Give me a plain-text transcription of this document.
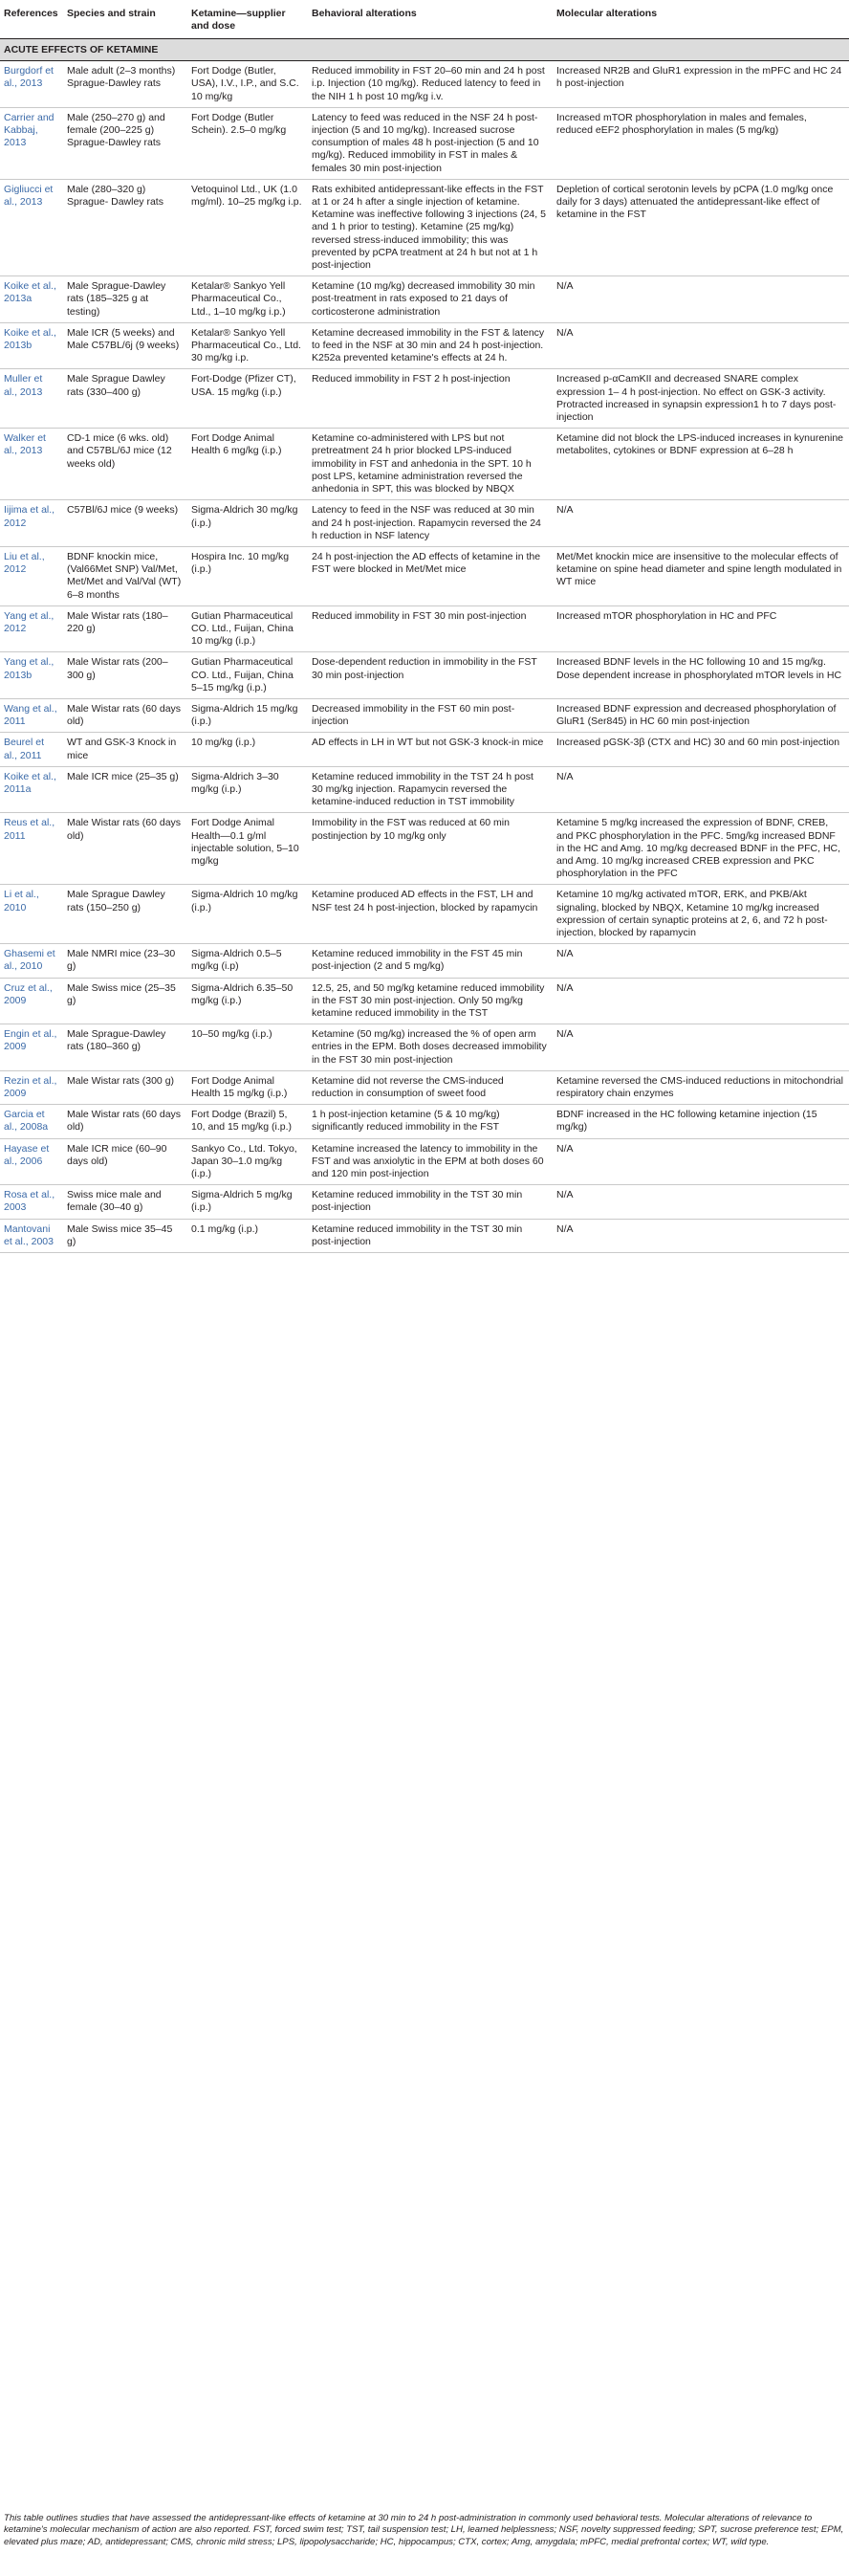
References	Species and strain	Ketamine—supplier and dose	Behavioral alterations	Molecular alterations
ACUTE EFFECTS OF KETAMINE				
Burgdorf et al., 2013	Male adult (2–3 months) Sprague-Dawley rats	Fort Dodge (Butler, USA), I.V., I.P., and S.C. 10 mg/kg	Reduced immobility in FST 20–60 min and 24 h post i.p. Injection (10 mg/kg). Reduced latency to feed in the NIH 1 h post 10 mg/kg i.v.	Increased NR2B and GluR1 expression in the mPFC and HC 24 h post-injection
Carrier and Kabbaj, 2013	Male (250–270 g) and female (200–225 g) Sprague-Dawley rats	Fort Dodge (Butler Schein). 2.5–0 mg/kg	Latency to feed was reduced in the NSF 24 h post-injection (5 and 10 mg/kg). Increased sucrose consumption of males 48 h post-injection (5 and 10 mg/kg). Reduced immobility in FST in males & females 30 min post-injection	Increased mTOR phosphorylation in males and females, reduced eEF2 phosphorylation in males (5 mg/kg)
Gigliucci et al., 2013	Male (280–320 g) Sprague- Dawley rats	Vetoquinol Ltd., UK (1.0 mg/ml). 10–25 mg/kg i.p.	Rats exhibited antidepressant-like effects in the FST at 1 or 24 h after a single injection of ketamine. Ketamine was ineffective following 3 injections (24, 5 and 1 h prior to testing). Ketamine (25 mg/kg) reversed stress-induced immobility; this was prevented by pCPA treatment at 24 h but not at 1 h post-injection	Depletion of cortical serotonin levels by pCPA (1.0 mg/kg once daily for 3 days) attenuated the antidepressant-like effect of ketamine in the FST
Koike et al., 2013a	Male Sprague-Dawley rats (185–325 g at testing)	Ketalar® Sankyo Yell Pharmaceutical Co., Ltd., 1–10 mg/kg i.p.)	Ketamine (10 mg/kg) decreased immobility 30 min post-treatment in rats exposed to 21 days of corticosterone administration	N/A
Koike et al., 2013b	Male ICR (5 weeks) and Male C57BL/6j (9 weeks)	Ketalar® Sankyo Yell Pharmaceutical Co., Ltd. 30 mg/kg i.p.	Ketamine decreased immobility in the FST & latency to feed in the NSF at 30 min and 24 h post-injection. K252a prevented ketamine's effects at 24 h.	N/A
Muller et al., 2013	Male Sprague Dawley rats (330–400 g)	Fort-Dodge (Pfizer CT), USA. 15 mg/kg (i.p.)	Reduced immobility in FST 2 h post-injection	Increased p-αCamKII and decreased SNARE complex expression 1– 4 h post-injection. No effect on GSK-3 activity. Protracted increased in synapsin expression1 h to 7 days post-injection
Walker et al., 2013	CD-1 mice (6 wks. old) and C57BL/6J mice (12 weeks old)	Fort Dodge Animal Health 6 mg/kg (i.p.)	Ketamine co-administered with LPS but not pretreatment 24 h prior blocked LPS-induced immobility in FST and anhedonia in the SPT. 10 h post LPS, ketamine administration reversed the anhedonia in SPT, this was blocked by NBQX	Ketamine did not block the LPS-induced increases in kynurenine metabolites, cytokines or BDNF expression at 6–28 h
Iijima et al., 2012	C57Bl/6J mice (9 weeks)	Sigma-Aldrich 30 mg/kg (i.p.)	Latency to feed in the NSF was reduced at 30 min and 24 h post-injection. Rapamycin reversed the 24 h reduction in NSF latency	N/A
Liu et al., 2012	BDNF knockin mice, (Val66Met SNP) Val/Met, Met/Met and Val/Val (WT) 6–8 months	Hospira Inc. 10 mg/kg (i.p.)	24 h post-injection the AD effects of ketamine in the FST were blocked in Met/Met mice	Met/Met knockin mice are insensitive to the molecular effects of ketamine on spine head diameter and spine length modulated in WT mice
Yang et al., 2012	Male Wistar rats (180–220 g)	Gutian Pharmaceutical CO. Ltd., Fuijan, China 10 mg/kg (i.p.)	Reduced immobility in FST 30 min post-injection	Increased mTOR phosphorylation in HC and PFC
Yang et al., 2013b	Male Wistar rats (200–300 g)	Gutian Pharmaceutical CO. Ltd., Fuijan, China 5–15 mg/kg (i.p.)	Dose-dependent reduction in immobility in the FST 30 min post-injection	Increased BDNF levels in the HC following 10 and 15 mg/kg. Dose dependent increase in phosphorylated mTOR levels in HC
Wang et al., 2011	Male Wistar rats (60 days old)	Sigma-Aldrich 15 mg/kg (i.p.)	Decreased immobility in the FST 60 min post-injection	Increased BDNF expression and decreased phosphorylation of GluR1 (Ser845) in HC 60 min post-injection
Beurel et al., 2011	WT and GSK-3 Knock in mice	10 mg/kg (i.p.)	AD effects in LH in WT but not GSK-3 knock-in mice	Increased pGSK-3β (CTX and HC) 30 and 60 min post-injection
Koike et al., 2011a	Male ICR mice (25–35 g)	Sigma-Aldrich 3–30 mg/kg (i.p.)	Ketamine reduced immobility in the TST 24 h post 30 mg/kg injection. Rapamycin reversed the ketamine-induced reduction in TST immobility	N/A
Reus et al., 2011	Male Wistar rats (60 days old)	Fort Dodge Animal Health—0.1 g/ml injectable solution, 5–10 mg/kg	Immobility in the FST was reduced at 60 min postinjection by 10 mg/kg only	Ketamine 5 mg/kg increased the expression of BDNF, CREB, and PKC phosphorylation in the PFC. 5mg/kg increased BDNF in the HC and Amg. 10 mg/kg decreased BDNF in the PFC, HC, and Amg. 10 mg/kg increased CREB expression and PKC phosphorylation in the PFC
Li et al., 2010	Male Sprague Dawley rats (150–250 g)	Sigma-Aldrich 10 mg/kg (i.p.)	Ketamine produced AD effects in the FST, LH and NSF test 24 h post-injection, blocked by rapamycin	Ketamine 10 mg/kg activated mTOR, ERK, and PKB/Akt signaling, blocked by NBQX, Ketamine 10 mg/kg increased expression of certain synaptic proteins at 2, 6, and 72 h post-injection, blocked by rapamycin
Ghasemi et al., 2010	Male NMRI mice (23–30 g)	Sigma-Aldrich 0.5–5 mg/kg (i.p)	Ketamine reduced immobility in the FST 45 min post-injection (2 and 5 mg/kg)	N/A
Cruz et al., 2009	Male Swiss mice (25–35 g)	Sigma-Aldrich 6.35–50 mg/kg (i.p.)	12.5, 25, and 50 mg/kg ketamine reduced immobility in the FST 30 min post-injection. Only 50 mg/kg ketamine reduced immobility in the TST	N/A
Engin et al., 2009	Male Sprague-Dawley rats (180–360 g)	10–50 mg/kg (i.p.)	Ketamine (50 mg/kg) increased the % of open arm entries in the EPM. Both doses decreased immobility in the FST 30 min post-injection	N/A
Rezin et al., 2009	Male Wistar rats (300 g)	Fort Dodge Animal Health 15 mg/kg (i.p.)	Ketamine did not reverse the CMS-induced reduction in consumption of sweet food	Ketamine reversed the CMS-induced reductions in mitochondrial respiratory chain enzymes
Garcia et al., 2008a	Male Wistar rats (60 days old)	Fort Dodge (Brazil) 5, 10, and 15 mg/kg (i.p.)	1 h post-injection ketamine (5 & 10 mg/kg) significantly reduced immobility in the FST	BDNF increased in the HC following ketamine injection (15 mg/kg)
Hayase et al., 2006	Male ICR mice (60–90 days old)	Sankyo Co., Ltd. Tokyo, Japan 30–1.0 mg/kg (i.p.)	Ketamine increased the latency to immobility in the FST and was anxiolytic in the EPM at both doses 60 and 120 min post-injection	N/A
Rosa et al., 2003	Swiss mice male and female (30–40 g)	Sigma-Aldrich 5 mg/kg (i.p.)	Ketamine reduced immobility in the TST 30 min post-injection	N/A
Mantovani et al., 2003	Male Swiss mice 35–45 g)	0.1 mg/kg (i.p.)	Ketamine reduced immobility in the TST 30 min post-injection	N/A
This table outlines studies that have assessed the antidepressant-like effects of ketamine at 30 min to 24 h post-administration in commonly used behavioral tests. Molecular alterations of relevance to ketamine's molecular mechanism of action are also reported. FST, forced swim test; TST, tail suspension test; LH, learned helplessness; NSF, novelty suppressed feeding; SPT, sucrose preference test; EPM, elevated plus maze; AD, antidepressant; CMS, chronic mild stress; LPS, lipopolysaccharide; HC, hippocampus; CTX, cortex; Amg, amygdala; mPFC, medial prefrontal cortex; WT, wild type.
